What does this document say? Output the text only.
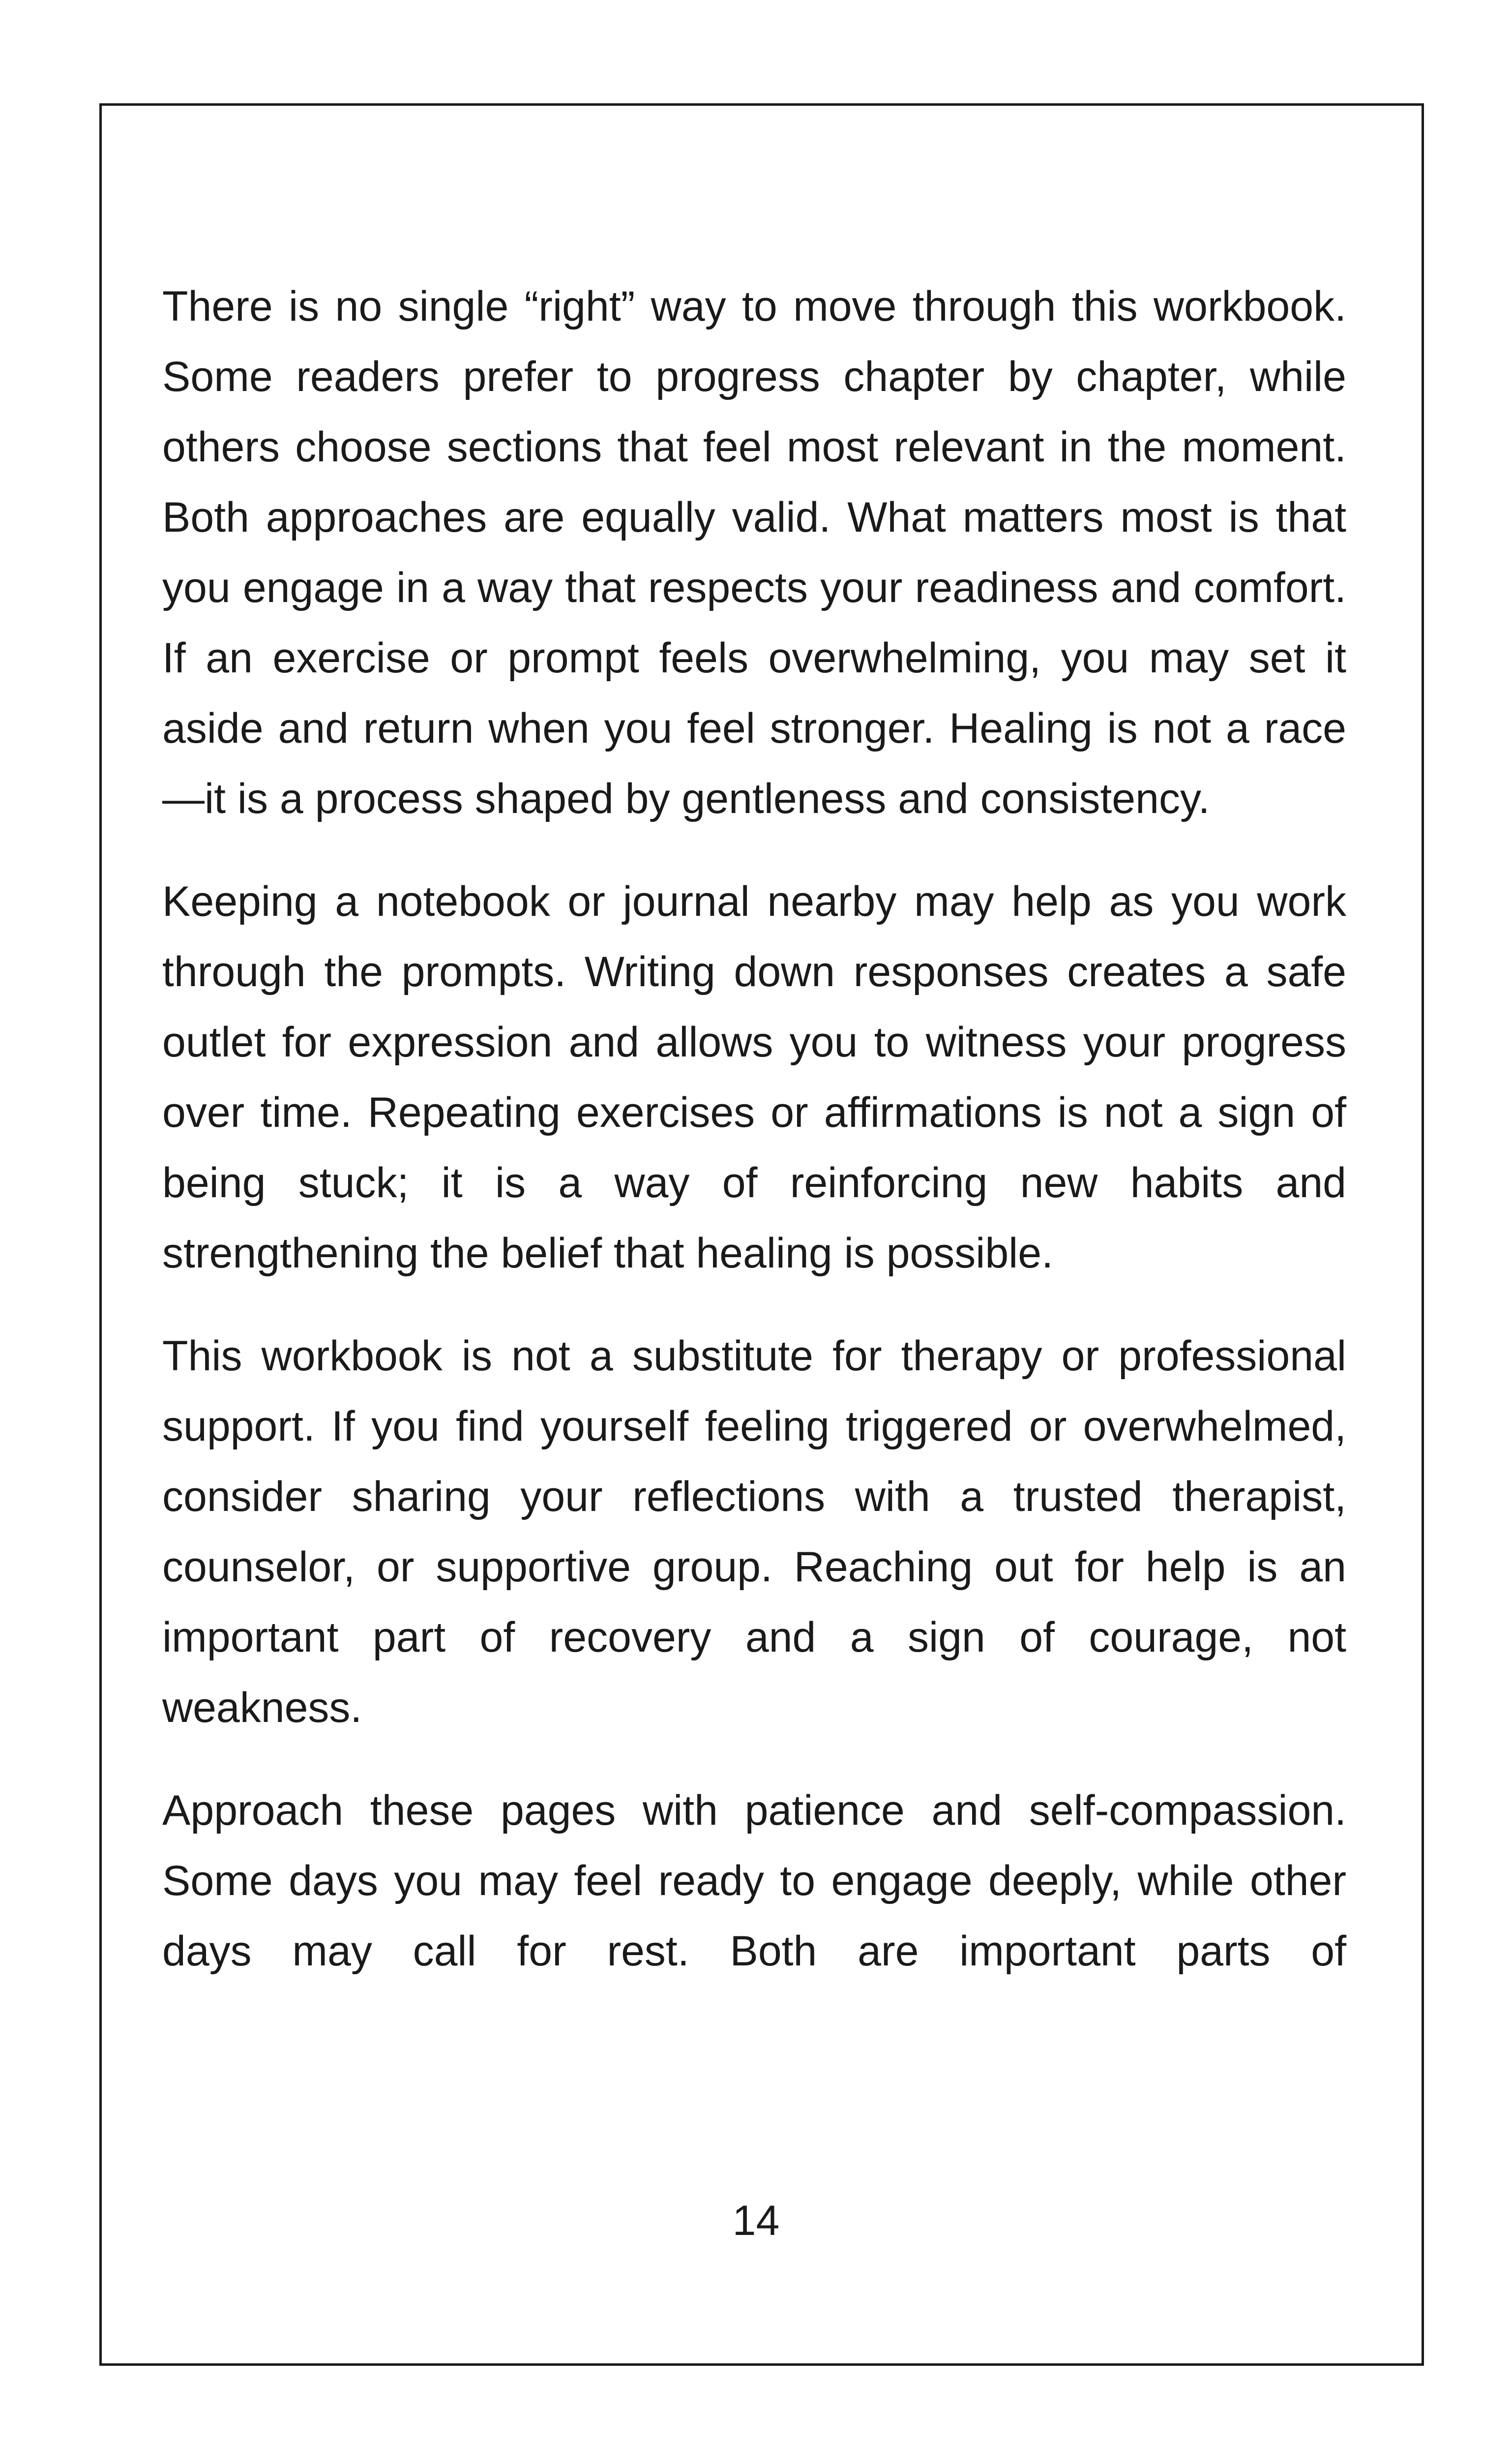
There is no single “right” way to move through this workbook. Some readers prefer to progress chapter by chapter, while others choose sections that feel most relevant in the moment. Both approaches are equally valid. What matters most is that you engage in a way that respects your readiness and comfort. If an exercise or prompt feels overwhelming, you may set it aside and return when you feel stronger. Healing is not a race—it is a process shaped by gentleness and consistency.

Keeping a notebook or journal nearby may help as you work through the prompts. Writing down responses creates a safe outlet for expression and allows you to witness your progress over time. Repeating exercises or affirmations is not a sign of being stuck; it is a way of reinforcing new habits and strengthening the belief that healing is possible.

This workbook is not a substitute for therapy or professional support. If you find yourself feeling triggered or overwhelmed, consider sharing your reflections with a trusted therapist, counselor, or supportive group. Reaching out for help is an important part of recovery and a sign of courage, not weakness.

Approach these pages with patience and self-compassion. Some days you may feel ready to engage deeply, while other days may call for rest. Both are important parts of

14
